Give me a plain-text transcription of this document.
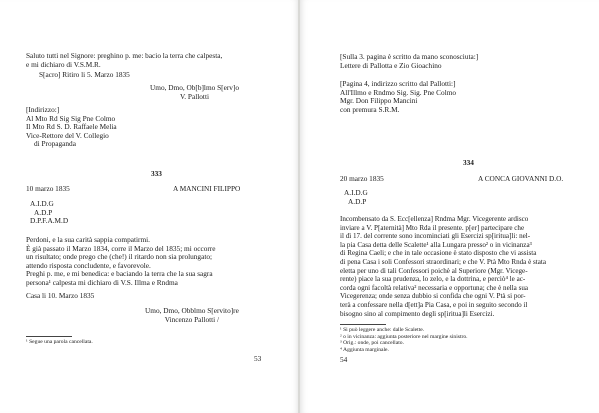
Saluto tutti nel Signore: preghino p. me: bacio la terra che calpesta,
e mi dichiaro di V.S.M.R.
S[acro] Ritiro li 5. Marzo 1835
Umo, Dmo, Ob[b]lmo S[erv]o
V. Pallotti
[Indirizzo:]
Al Mto Rd Sig Sig Pne Colmo
Il Mto Rd S. D. Raffaele Melia
Vice-Rettore del V. Collegio
di Propaganda
333
10 marzo 1835	A MANCINI FILIPPO
A.I.D.G
A.D.P
D.P.F.A.M.D
Perdoni, e la sua carità sappia compatirmi.
È già passato il Marzo 1834, corre il Marzo del 1835; mi occorre
un risultato; onde prego che (che!) il ritardo non sia prolungato;
attendo risposta concludente, e favorevole.
Preghi p. me, e mi benedica: e baciando la terra che la sua sagra
persona¹ calpesta mi dichiaro di V.S. Illma e Rndma
Casa li 10. Marzo 1835
Umo, Dmo, Obblmo S[ervito]re
Vincenzo Pallotti /
¹ Segue una parola cancellata.
53
[Sulla 3. pagina è scritto da mano sconosciuta:]
Lettere di Pallotta e Zio Gioachino
[Pagina 4, indirizzo scritto dal Pallotti:]
All'Illmo e Rndmo Sig. Sig. Pne Colmo
Mgr. Don Filippo Mancini
con premura S.R.M.
334
20 marzo 1835	A CONCA GIOVANNI D.O.
A.I.D.G
A.D.P
Incombensato da S. Ecc[ellenza] Rndma Mgr. Vicegerente ardisco
inviare a V. P[aternità] Mto Rda il presente. p[er] partecipare che
il dì 17. del corrente sono incominciati gli Esercizi sp[iritua]li: nel-
la pia Casa detta delle Scalette¹ alla Lungara presso² o in vicinanza³
di Regina Caeli; e che in tale occasione è stato disposto che vi assista
di pena Casa i soli Confessori straordinari; e che V. Ptà Mto Rnda è stata
eletta per uno di tali Confessori poichè al Superiore (Mgr. Vicege-
rente) piace la sua prudenza, lo zelo, e la dottrina, e perciò⁴ le ac-
corda ogni facoltà relativa² necessaria e opportuna; che è nella sua
Vicegerenza; onde senza dubbio si confida che ogni V. Ptà si por-
terà a confessare nella d[ett]a Pia Casa, e poi in seguito secondo il
bisogno sino al compimento degli sp[iritua]li Esercizi.
¹ Si può leggere anche: dalle Scalette.
² o in vicinanza: aggiunta posteriore nel margine sinistro.
³ Orig.: onde, poi cancellato.
⁴ Aggiunta marginale.
54
